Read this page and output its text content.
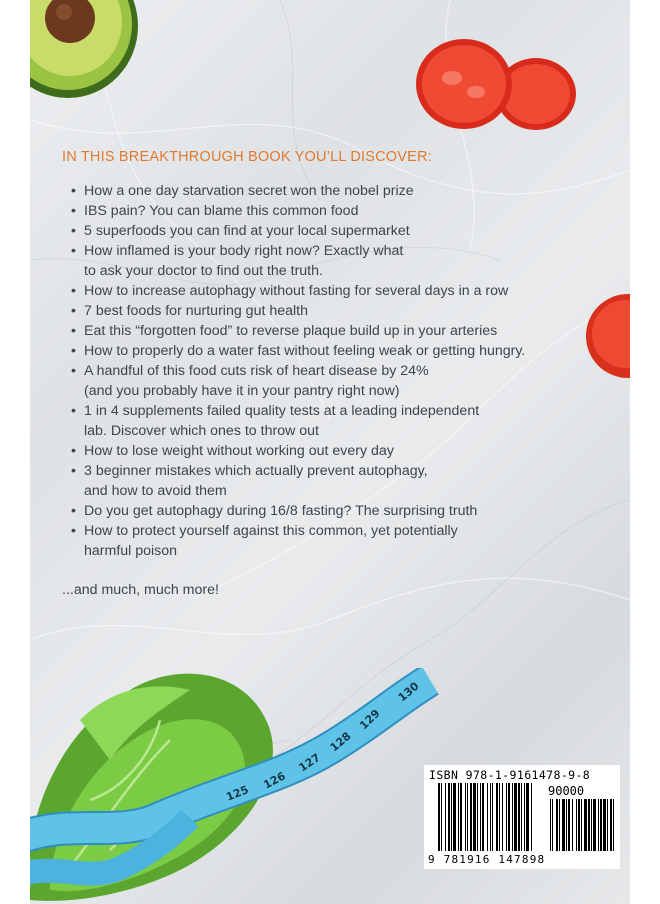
125
126
127
128
129
130
IN THIS BREAKTHROUGH BOOK YOU’LL DISCOVER:
• How a one day starvation secret won the nobel prize
• IBS pain? You can blame this common food
• 5 superfoods you can find at your local supermarket
• How inflamed is your body right now? Exactly what
to ask your doctor to find out the truth.
• How to increase autophagy without fasting for several days in a row
• 7 best foods for nurturing gut health
• Eat this “forgotten food” to reverse plaque build up in your arteries
• How to properly do a water fast without feeling weak or getting hungry.
• A handful of this food cuts risk of heart disease by 24%
(and you probably have it in your pantry right now)
• 1 in 4 supplements failed quality tests at a leading independent
lab. Discover which ones to throw out
• How to lose weight without working out every day
• 3 beginner mistakes which actually prevent autophagy,
and how to avoid them
• Do you get autophagy during 16/8 fasting? The surprising truth
• How to protect yourself against this common, yet potentially
harmful poison

...and much, much more!

ISBN 978-1-9161478-9-8
90000
9 781916 147898
